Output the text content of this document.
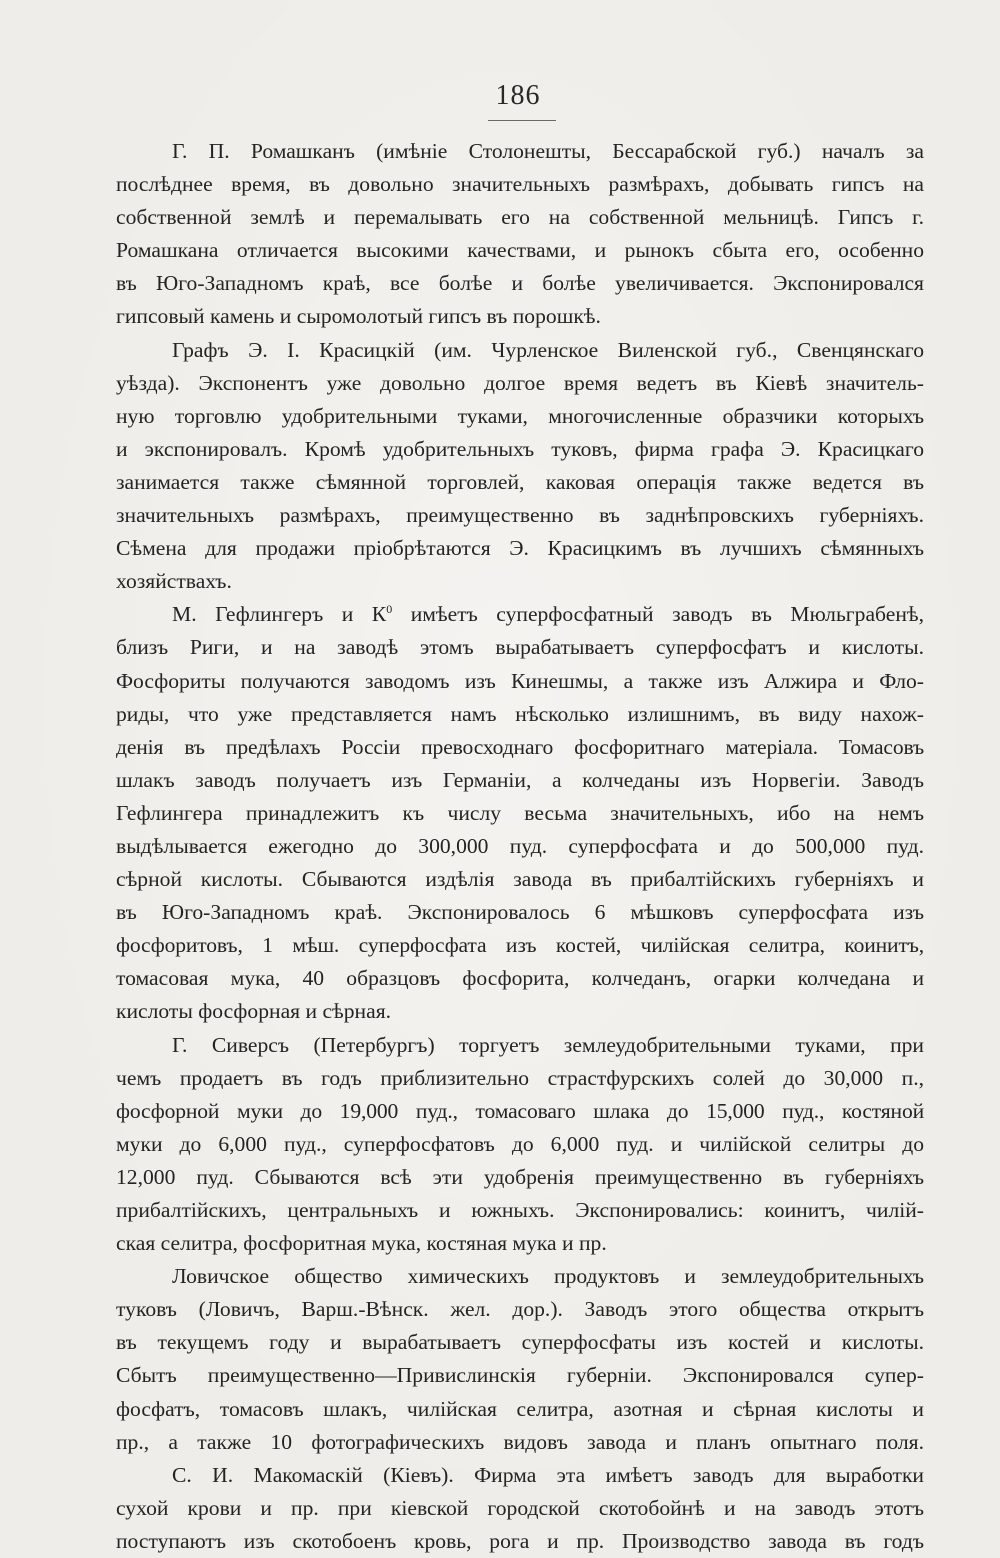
186
Г. П. Ромашканъ (имѣніе Столонешты, Бессарабской губ.) началъ за
послѣднее время, въ довольно значительныхъ размѣрахъ, добывать гипсъ на
собственной землѣ и перемалывать его на собственной мельницѣ. Гипсъ г.
Ромашкана отличается высокими качествами, и рынокъ сбыта его, особенно
въ Юго-Западномъ краѣ, все болѣе и болѣе увеличивается. Экспонировался
гипсовый камень и сыромолотый гипсъ въ порошкѣ.
Графъ Э. І. Красицкій (им. Чурленское Виленской губ., Свенцянскаго
уѣзда). Экспонентъ уже довольно долгое время ведетъ въ Кіевѣ значитель-
ную торговлю удобрительными туками, многочисленные образчики которыхъ
и экспонировалъ. Кромѣ удобрительныхъ туковъ, фирма графа Э. Красицкаго
занимается также сѣмянной торговлей, каковая операція также ведется въ
значительныхъ размѣрахъ, преимущественно въ заднѣпровскихъ губерніяхъ.
Сѣмена для продажи пріобрѣтаются Э. Красицкимъ въ лучшихъ сѣмянныхъ
хозяйствахъ.
М. Гефлингеръ и $К^0$ имѣетъ суперфосфатный заводъ въ Мюльграбенѣ,
близъ Риги, и на заводѣ этомъ вырабатываетъ суперфосфатъ и кислоты.
Фосфориты получаются заводомъ изъ Кинешмы, а также изъ Алжира и Фло-
риды, что уже представляется намъ нѣсколько излишнимъ, въ виду нахож-
денія въ предѣлахъ Россіи превосходнаго фосфоритнаго матеріала. Томасовъ
шлакъ заводъ получаетъ изъ Германіи, а колчеданы изъ Норвегіи. Заводъ
Гефлингера принадлежитъ къ числу весьма значительныхъ, ибо на немъ
выдѣлывается ежегодно до 300,000 пуд. суперфосфата и до 500,000 пуд.
сѣрной кислоты. Сбываются издѣлія завода въ прибалтійскихъ губерніяхъ и
въ Юго-Западномъ краѣ. Экспонировалось 6 мѣшковъ суперфосфата изъ
фосфоритовъ, 1 мѣш. суперфосфата изъ костей, чилійская селитра, коинитъ,
томасовая мука, 40 образцовъ фосфорита, колчеданъ, огарки колчедана и
кислоты фосфорная и сѣрная.
Г. Сиверсъ (Петербургъ) торгуетъ землеудобрительными туками, при
чемъ продаетъ въ годъ приблизительно страстфурскихъ солей до 30,000 п.,
фосфорной муки до 19,000 пуд., томасоваго шлака до 15,000 пуд., костяной
муки до 6,000 пуд., суперфосфатовъ до 6,000 пуд. и чилійской селитры до
12,000 пуд. Сбываются всѣ эти удобренія преимущественно въ губерніяхъ
прибалтійскихъ, центральныхъ и южныхъ. Экспонировались: коинитъ, чилій-
ская селитра, фосфоритная мука, костяная мука и пр.
Ловичское общество химическихъ продуктовъ и землеудобрительныхъ
туковъ (Ловичъ, Варш.-Вѣнск. жел. дор.). Заводъ этого общества открытъ
въ текущемъ году и вырабатываетъ суперфосфаты изъ костей и кислоты.
Сбытъ преимущественно—Привислинскія губерніи. Экспонировался супер-
фосфатъ, томасовъ шлакъ, чилійская селитра, азотная и сѣрная кислоты и
пр., а также 10 фотографическихъ видовъ завода и планъ опытнаго поля.
С. И. Макомаскій (Кіевъ). Фирма эта имѣетъ заводъ для выработки
сухой крови и пр. при кіевской городской скотобойнѣ и на заводъ этотъ
поступаютъ изъ скотобоенъ кровь, рога и пр. Производство завода въ годъ
